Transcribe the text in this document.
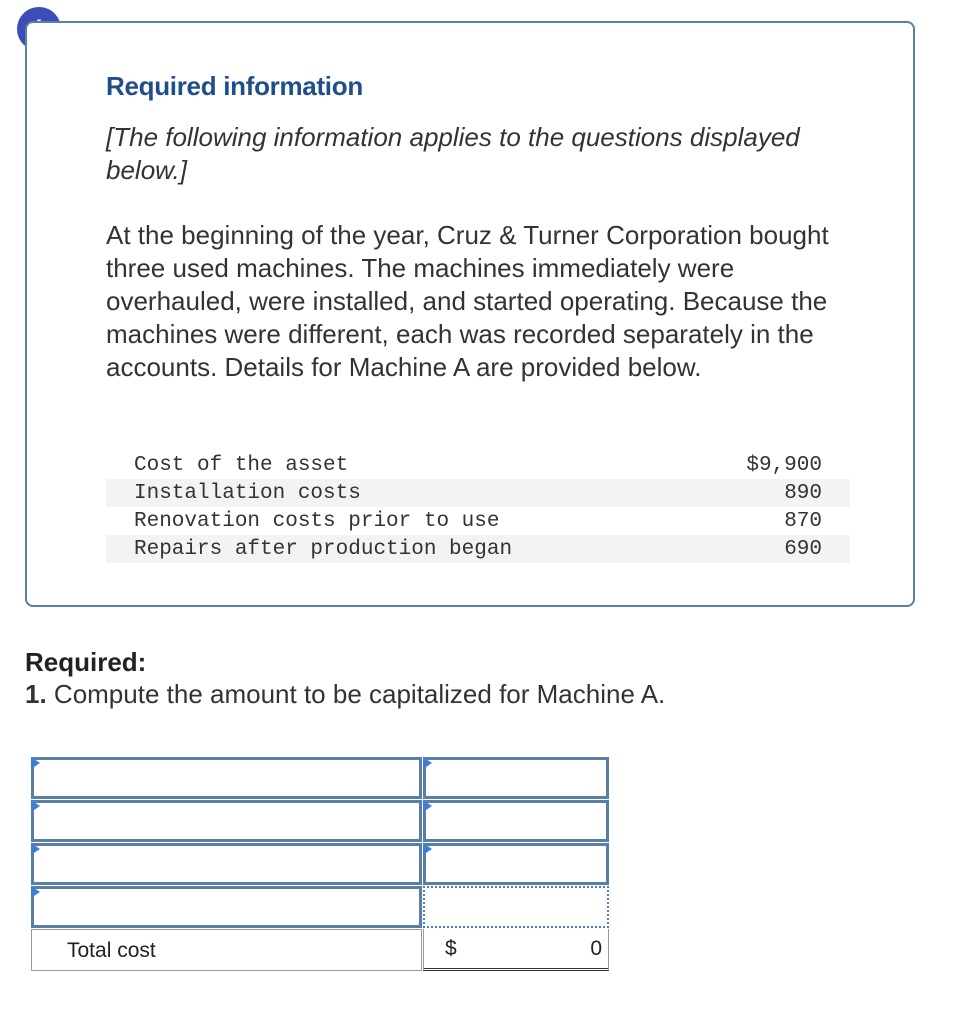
Required information
[The following information applies to the questions displayed below.]
At the beginning of the year, Cruz & Turner Corporation bought three used machines. The machines immediately were overhauled, were installed, and started operating. Because the machines were different, each was recorded separately in the accounts. Details for Machine A are provided below.
Cost of the asset	$9,900
Installation costs	890
Renovation costs prior to use	870
Repairs after production began	690
Required:
1. Compute the amount to be capitalized for Machine A.
Total cost	$	0
